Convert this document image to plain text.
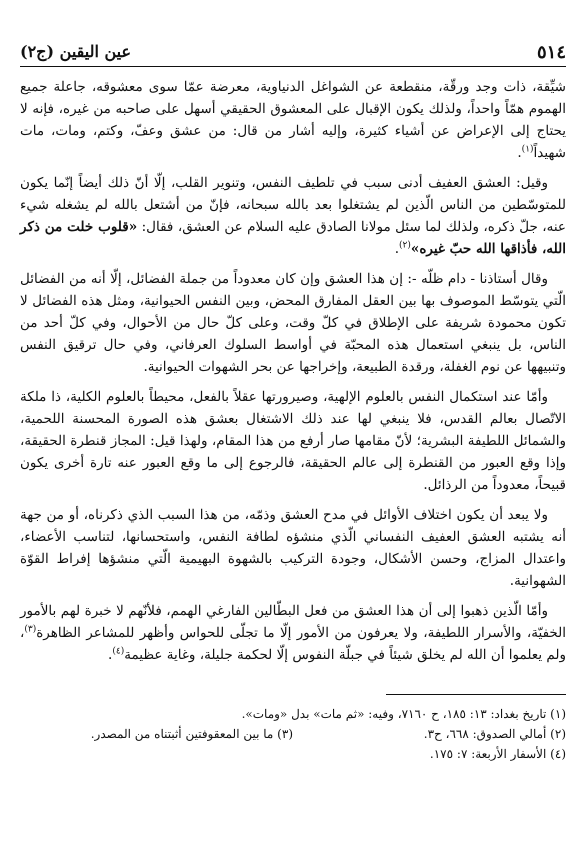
٥١٤
عين اليقين (ج٢)

شيِّقة، ذات وجد ورقّة، منقطعة عن الشواغل الدنياوية، معرضة عمّا سوى معشوقه، جاعلة جميع الهموم همّاً واحداً، ولذلك يكون الإقبال على المعشوق الحقيقي أسهل على صاحبه من غيره، فإنه لا يحتاج إلى الإعراض عن أشياء كثيرة، وإليه أشار من قال: من عشق وعفّ، وكتم، ومات، مات شهيداً$^{(١)}$.

وقيل: العشق العفيف أدنى سبب في تلطيف النفس، وتنوير القلب، إلّا أنّ ذلك أيضاً إنّما يكون للمتوسّطين من الناس الّذين لم يشتغلوا بعد بالله سبحانه، فإنّ من أشتعل بالله لم يشغله شيء عنه، جلّ ذكره، ولذلك لما سئل مولانا الصادق عليه السلام عن العشق، فقال: «قلوب خلت من ذكر الله، فأذاقها الله حبّ غيره»$^{(٢)}$.

وقال أستاذنا - دام ظلّه -: إن هذا العشق وإن كان معدوداً من جملة الفضائل، إلّا أنه من الفضائل الّتي يتوسّط الموصوف بها بين العقل المفارق المحض، وبين النفس الحيوانية، ومثل هذه الفضائل لا تكون محمودة شريفة على الإطلاق في كلّ وقت، وعلى كلّ حال من الأحوال، وفي كلّ أحد من الناس، بل ينبغي استعمال هذه المحبّة في أواسط السلوك العرفاني، وفي حال ترقيق النفس وتنبيهها عن نوم الغفلة، ورقدة الطبيعة، وإخراجها عن بحر الشهوات الحيوانية.

وأمّا عند استكمال النفس بالعلوم الإلهية، وصيرورتها عقلاً بالفعل، محيطاً بالعلوم الكلية، ذا ملكة الاتّصال بعالم القدس، فلا ينبغي لها عند ذلك الاشتغال بعشق هذه الصورة المحسنة اللحمية، والشمائل اللطيفة البشرية؛ لأنّ مقامها صار أرفع من هذا المقام، ولهذا قيل: المجاز قنطرة الحقيقة، وإذا وقع العبور من القنطرة إلى عالم الحقيقة، فالرجوع إلى ما وقع العبور عنه تارة أخرى يكون قبيحاً، معدوداً من الرذائل.

ولا يبعد أن يكون اختلاف الأوائل في مدح العشق وذمّه، من هذا السبب الذي ذكرناه، أو من جهة أنه يشتبه العشق العفيف النفساني الّذي منشؤه لطافة النفس، واستحسانها، لتناسب الأعضاء، واعتدال المزاج، وحسن الأشكال، وجودة التركيب بالشهوة البهيمية الّتي منشؤها إفراط القوّة الشهوانية.

وأمّا الّذين ذهبوا إلى أن هذا العشق من فعل البطّالين الفارغي الهمم، فلأنّهم لا خبرة لهم بالأمور الخفيّة، والأسرار اللطيفة، ولا يعرفون من الأمور إلّا ما تجلّى للحواس وأظهر للمشاعر الظاهرة$^{(٣)}$، ولم يعلموا أن الله لم يخلق شيئاً في جبلّة النفوس إلّا لحكمة جليلة، وغاية عظيمة$^{(٤)}$.

(١) تاريخ بغداد: ١٣: ١٨٥، ح ٧١٦٠، وفيه: «ثم مات» بدل «ومات».
(٢) أمالي الصدوق: ٦٦٨، ح٣.
(٣) ما بين المعقوفتين أثبتناه من المصدر.
(٤) الأسفار الأربعة: ٧: ١٧٥.
